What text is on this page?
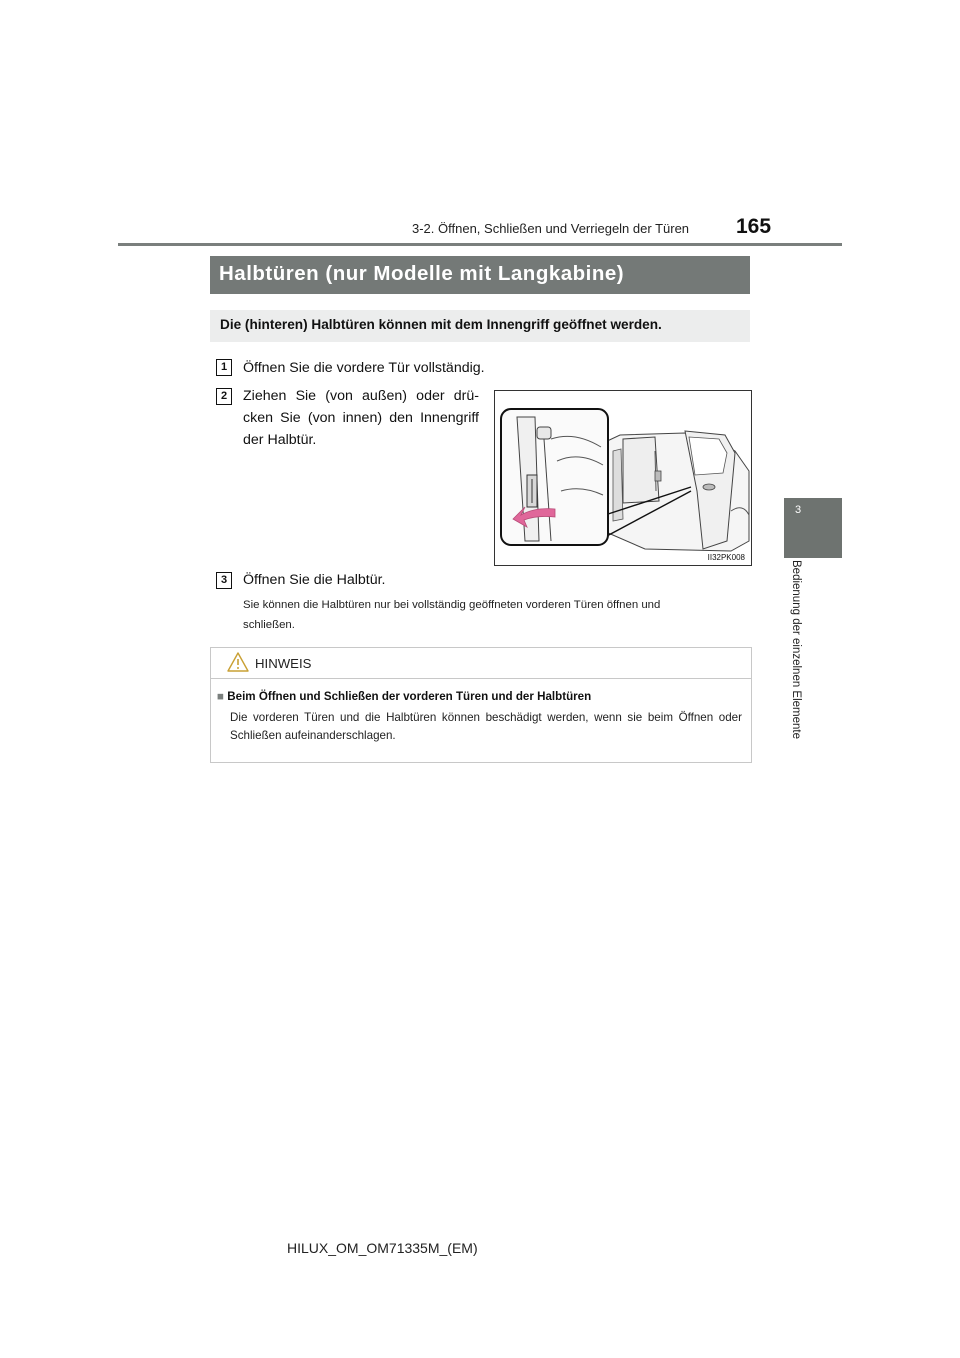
3-2. Öffnen, Schließen und Verriegeln der Türen 165
3
Bedienung der einzelnen Elemente
Halbtüren (nur Modelle mit Langkabine)
Die (hinteren) Halbtüren können mit dem Innengriff geöffnet werden.
1	Öffnen Sie die vordere Tür vollständig.
2	Ziehen Sie (von außen) oder drü-
cken Sie (von innen) den Innengriff
der Halbtür.
II32PK008
3	Öffnen Sie die Halbtür.
Sie können die Halbtüren nur bei vollständig geöffneten vorderen Türen öffnen und
schließen.
HINWEIS
■ Beim Öffnen und Schließen der vorderen Türen und der Halbtüren
Die vorderen Türen und die Halbtüren können beschädigt werden, wenn sie beim Öffnen oder Schließen aufeinanderschlagen.
HILUX_OM_OM71335M_(EM)
